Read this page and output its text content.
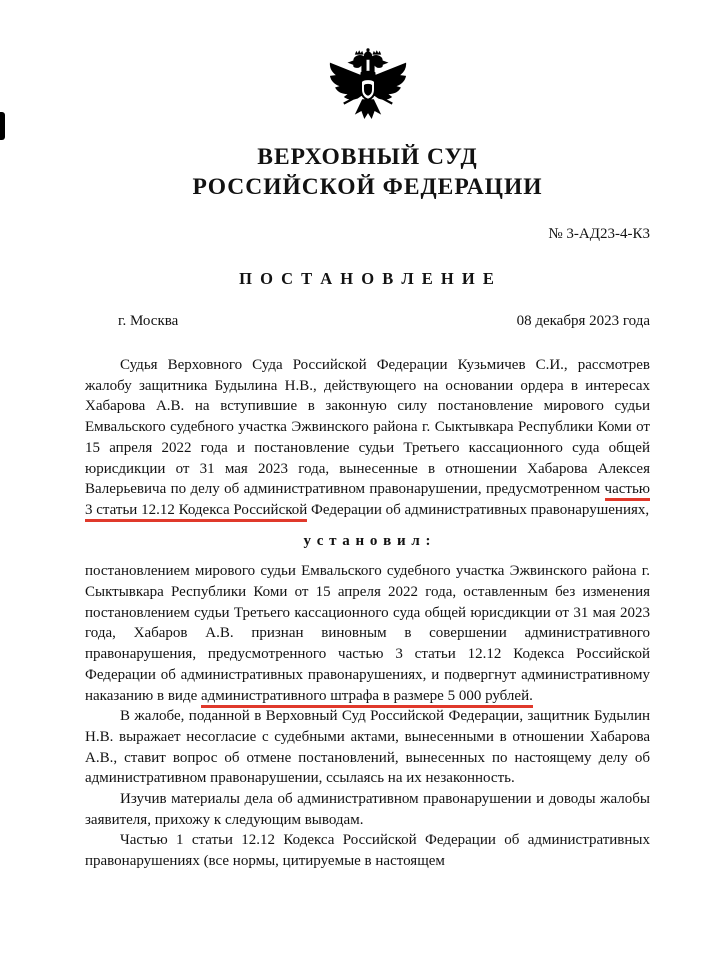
ВЕРХОВНЫЙ СУД
РОССИЙСКОЙ ФЕДЕРАЦИИ
№ 3-АД23-4-К3
П О С Т А Н О В Л Е Н И Е
г. Москва	08 декабря 2023 года

Судья Верховного Суда Российской Федерации Кузьмичев С.И., рассмотрев жалобу защитника Будылина Н.В., действующего на основании ордера в интересах Хабарова А.В. на вступившие в законную силу постановление мирового судьи Емвальского судебного участка Эжвинского района г. Сыктывкара Республики Коми от 15 апреля 2022 года и постановление судьи Третьего кассационного суда общей юрисдикции от 31 мая 2023 года, вынесенные в отношении Хабарова Алексея Валерьевича по делу об административном правонарушении, предусмотренном частью 3 статьи 12.12 Кодекса Российской Федерации об административных правонарушениях,

у с т а н о в и л :

постановлением мирового судьи Емвальского судебного участка Эжвинского района г. Сыктывкара Республики Коми от 15 апреля 2022 года, оставленным без изменения постановлением судьи Третьего кассационного суда общей юрисдикции от 31 мая 2023 года, Хабаров А.В. признан виновным в совершении административного правонарушения, предусмотренного частью 3 статьи 12.12 Кодекса Российской Федерации об административных правонарушениях, и подвергнут административному наказанию в виде административного штрафа в размере 5 000 рублей.

В жалобе, поданной в Верховный Суд Российской Федерации, защитник Будылин Н.В. выражает несогласие с судебными актами, вынесенными в отношении Хабарова А.В., ставит вопрос об отмене постановлений, вынесенных по настоящему делу об административном правонарушении, ссылаясь на их незаконность.

Изучив материалы дела об административном правонарушении и доводы жалобы заявителя, прихожу к следующим выводам.

Частью 1 статьи 12.12 Кодекса Российской Федерации об административных правонарушениях (все нормы, цитируемые в настоящем
